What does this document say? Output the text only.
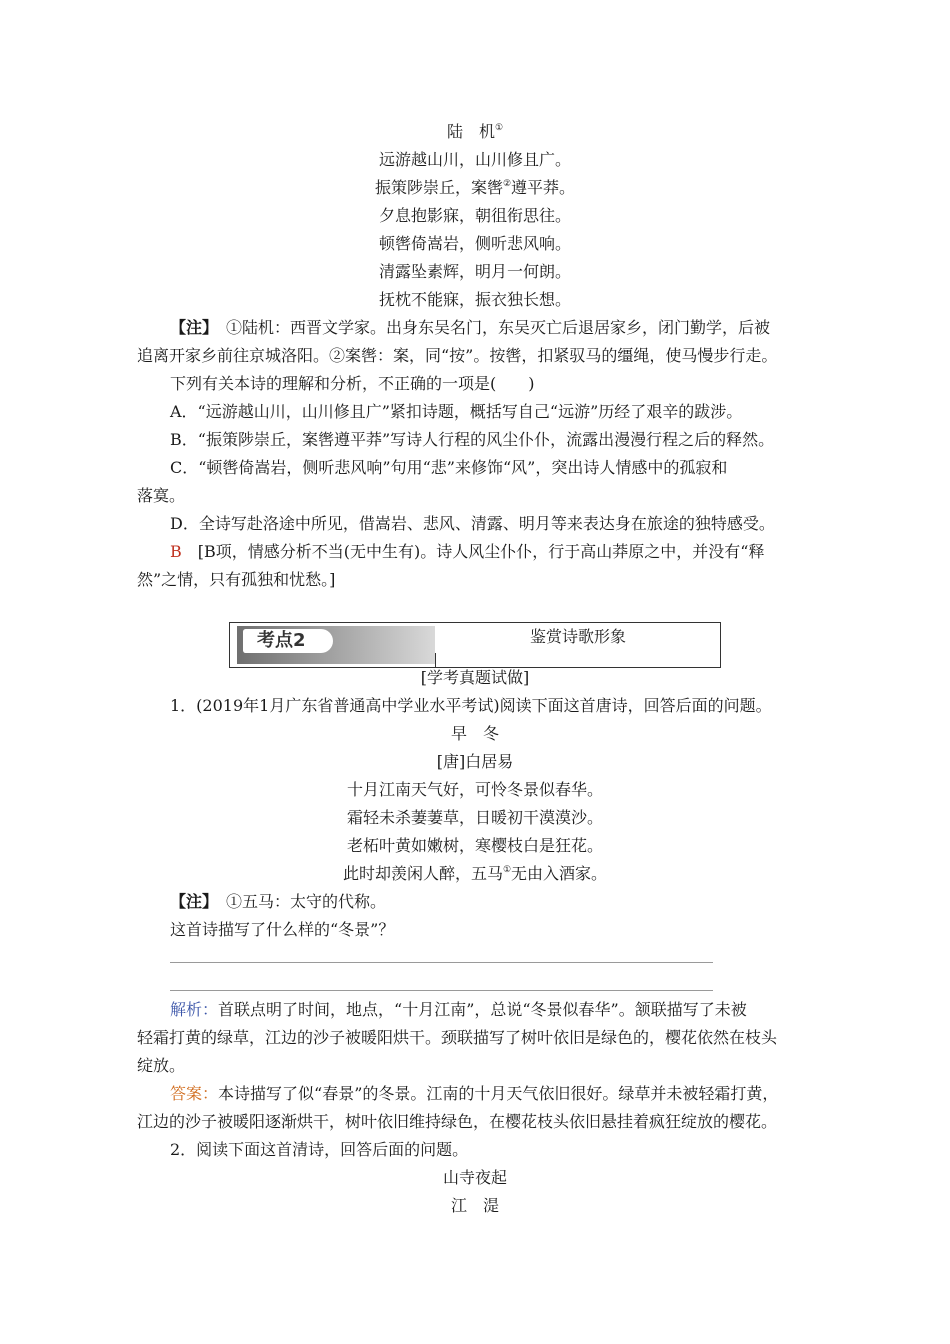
陆　机①
远游越山川，山川修且广。
振策陟崇丘，案辔②遵平莽。
夕息抱影寐，朝徂衔思往。
顿辔倚嵩岩，侧听悲风响。
清露坠素辉，明月一何朗。
抚枕不能寐，振衣独长想。
【注】　 ①陆机：西晋文学家。出身东吴名门，东吴灭亡后退居家乡，闭门勤学，后被
追离开家乡前往京城洛阳。②案辔：案，同“按”。按辔，扣紧驭马的缰绳，使马慢步行走。
下列有关本诗的理解和分析，不正确的一项是(　　)
A．“远游越山川，山川修且广”紧扣诗题，概括写自己“远游”历经了艰辛的跋涉。
B．“振策陟崇丘，案辔遵平莽”写诗人行程的风尘仆仆，流露出漫漫行程之后的释然。
C．“顿辔倚嵩岩，侧听悲风响”句用“悲”来修饰“风”，突出诗人情感中的孤寂和
落寞。
D．全诗写赴洛途中所见，借嵩岩、悲风、清露、明月等来表达身在旅途的独特感受。
B　 [B项，情感分析不当(无中生有)。诗人风尘仆仆，行于高山莽原之中，并没有“释
然”之情，只有孤独和忧愁。]
考点2	鉴赏诗歌形象
[学考真题试做]
1．(2019年1月广东省普通高中学业水平考试)阅读下面这首唐诗，回答后面的问题。
早　冬
[唐]白居易
十月江南天气好，可怜冬景似春华。
霜轻未杀萋萋草，日暖初干漠漠沙。
老柘叶黄如嫩树，寒樱枝白是狂花。
此时却羡闲人醉，五马①无由入酒家。
【注】　 ①五马：太守的代称。
这首诗描写了什么样的“冬景”？
解析：首联点明了时间，地点，“十月江南”，总说“冬景似春华”。颔联描写了未被
轻霜打黄的绿草，江边的沙子被暖阳烘干。颈联描写了树叶依旧是绿色的，樱花依然在枝头
绽放。
答案：本诗描写了似“春景”的冬景。江南的十月天气依旧很好。绿草并未被轻霜打黄，
江边的沙子被暖阳逐渐烘干，树叶依旧维持绿色，在樱花枝头依旧悬挂着疯狂绽放的樱花。
2．阅读下面这首清诗，回答后面的问题。
山寺夜起
江　湜
